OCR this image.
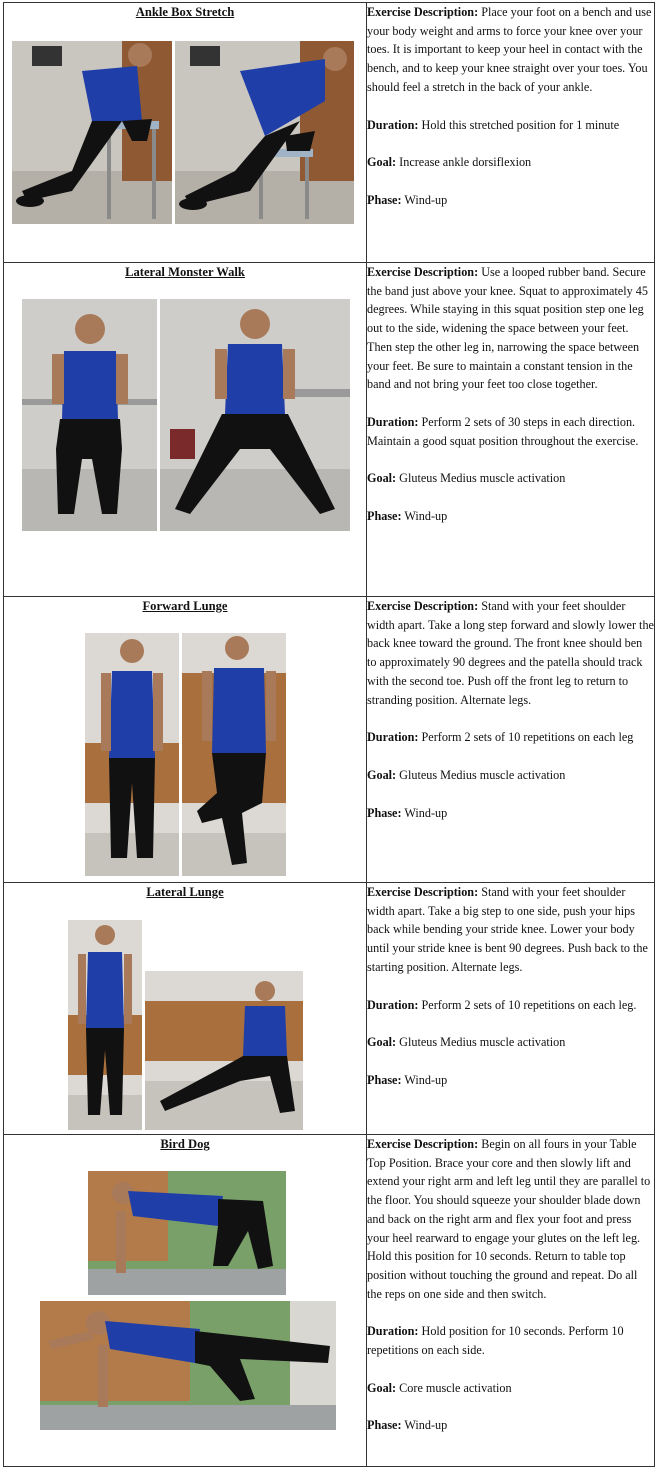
Ankle Box Stretch	Exercise Description: Place your foot on a bench and use your body weight and arms to force your knee over your toes. It is important to keep your heel in contact with the bench, and to keep your knee straight over your toes. You should feel a stretch in the back of your ankle.

Duration: Hold this stretched position for 1 minute

Goal: Increase ankle dorsiflexion

Phase: Wind-up

Lateral Monster Walk	Exercise Description: Use a looped rubber band. Secure the band just above your knee. Squat to approximately 45 degrees. While staying in this squat position step one leg out to the side, widening the space between your feet. Then step the other leg in, narrowing the space between your feet. Be sure to maintain a constant tension in the band and not bring your feet too close together.

Duration: Perform 2 sets of 30 steps in each direction. Maintain a good squat position throughout the exercise.

Goal: Gluteus Medius muscle activation

Phase: Wind-up

Forward Lunge	Exercise Description: Stand with your feet shoulder width apart. Take a long step forward and slowly lower the back knee toward the ground. The front knee should ben to approximately 90 degrees and the patella should track with the second toe. Push off the front leg to return to stranding position. Alternate legs.

Duration: Perform 2 sets of 10 repetitions on each leg

Goal: Gluteus Medius muscle activation

Phase: Wind-up

Lateral Lunge	Exercise Description: Stand with your feet shoulder width apart. Take a big step to one side, push your hips back while bending your stride knee. Lower your body until your stride knee is bent 90 degrees. Push back to the starting position. Alternate legs.

Duration: Perform 2 sets of 10 repetitions on each leg.

Goal: Gluteus Medius muscle activation

Phase: Wind-up

Bird Dog	Exercise Description: Begin on all fours in your Table Top Position. Brace your core and then slowly lift and extend your right arm and left leg until they are parallel to the floor. You should squeeze your shoulder blade down and back on the right arm and flex your foot and press your heel rearward to engage your glutes on the left leg. Hold this position for 10 seconds. Return to table top position without touching the ground and repeat. Do all the reps on one side and then switch.

Duration: Hold position for 10 seconds. Perform 10 repetitions on each side.

Goal: Core muscle activation

Phase: Wind-up
